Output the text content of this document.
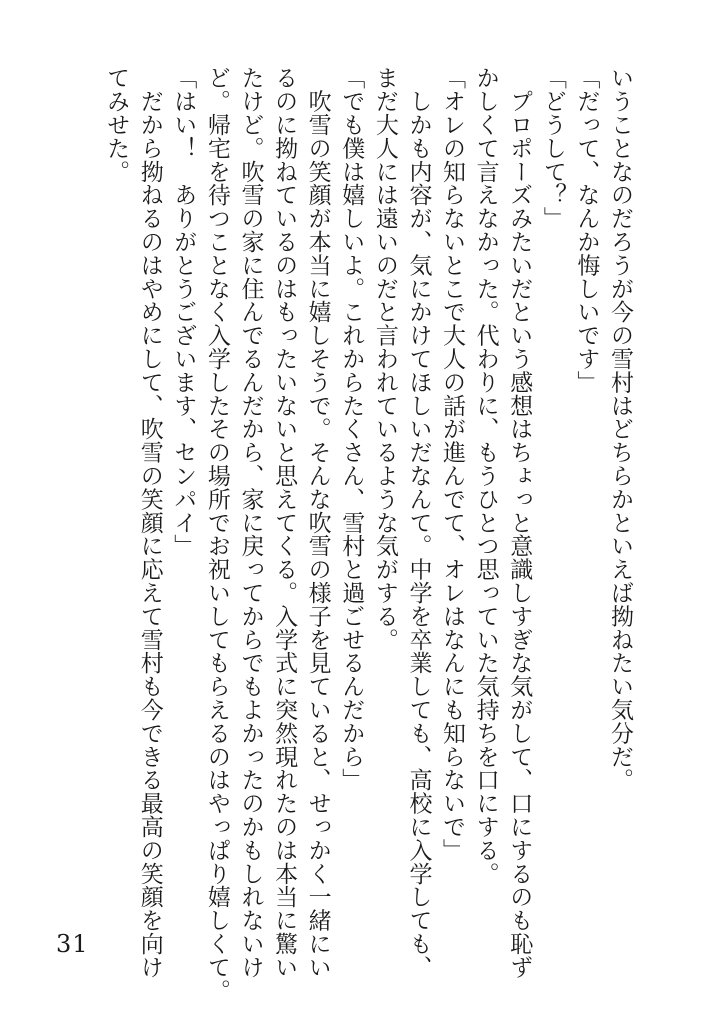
いうことなのだろうが今の雪村はどちらかといえば拗ねたい気分だ。
「だって、なんか悔しいです」
「どうして？」
　プロポーズみたいだという感想はちょっと意識しすぎな気がして、口にするのも恥ず
かしくて言えなかった。代わりに、もうひとつ思っていた気持ちを口にする。
「オレの知らないとこで大人の話が進んでて、オレはなんにも知らないで」
　しかも内容が、気にかけてほしいだなんて。中学を卒業しても、高校に入学しても、
まだ大人には遠いのだと言われているような気がする。
「でも僕は嬉しいよ。これからたくさん、雪村と過ごせるんだから」
　吹雪の笑顔が本当に嬉しそうで。そんな吹雪の様子を見ていると、せっかく一緒にい
るのに拗ねているのはもったいないと思えてくる。入学式に突然現れたのは本当に驚い
たけど。吹雪の家に住んでるんだから、家に戻ってからでもよかったのかもしれないけ
ど。帰宅を待つことなく入学したその場所でお祝いしてもらえるのはやっぱり嬉しくて。
「はい！　ありがとうございます、センパイ」
　だから拗ねるのはやめにして、吹雪の笑顔に応えて雪村も今できる最高の笑顔を向け
てみせた。
31
